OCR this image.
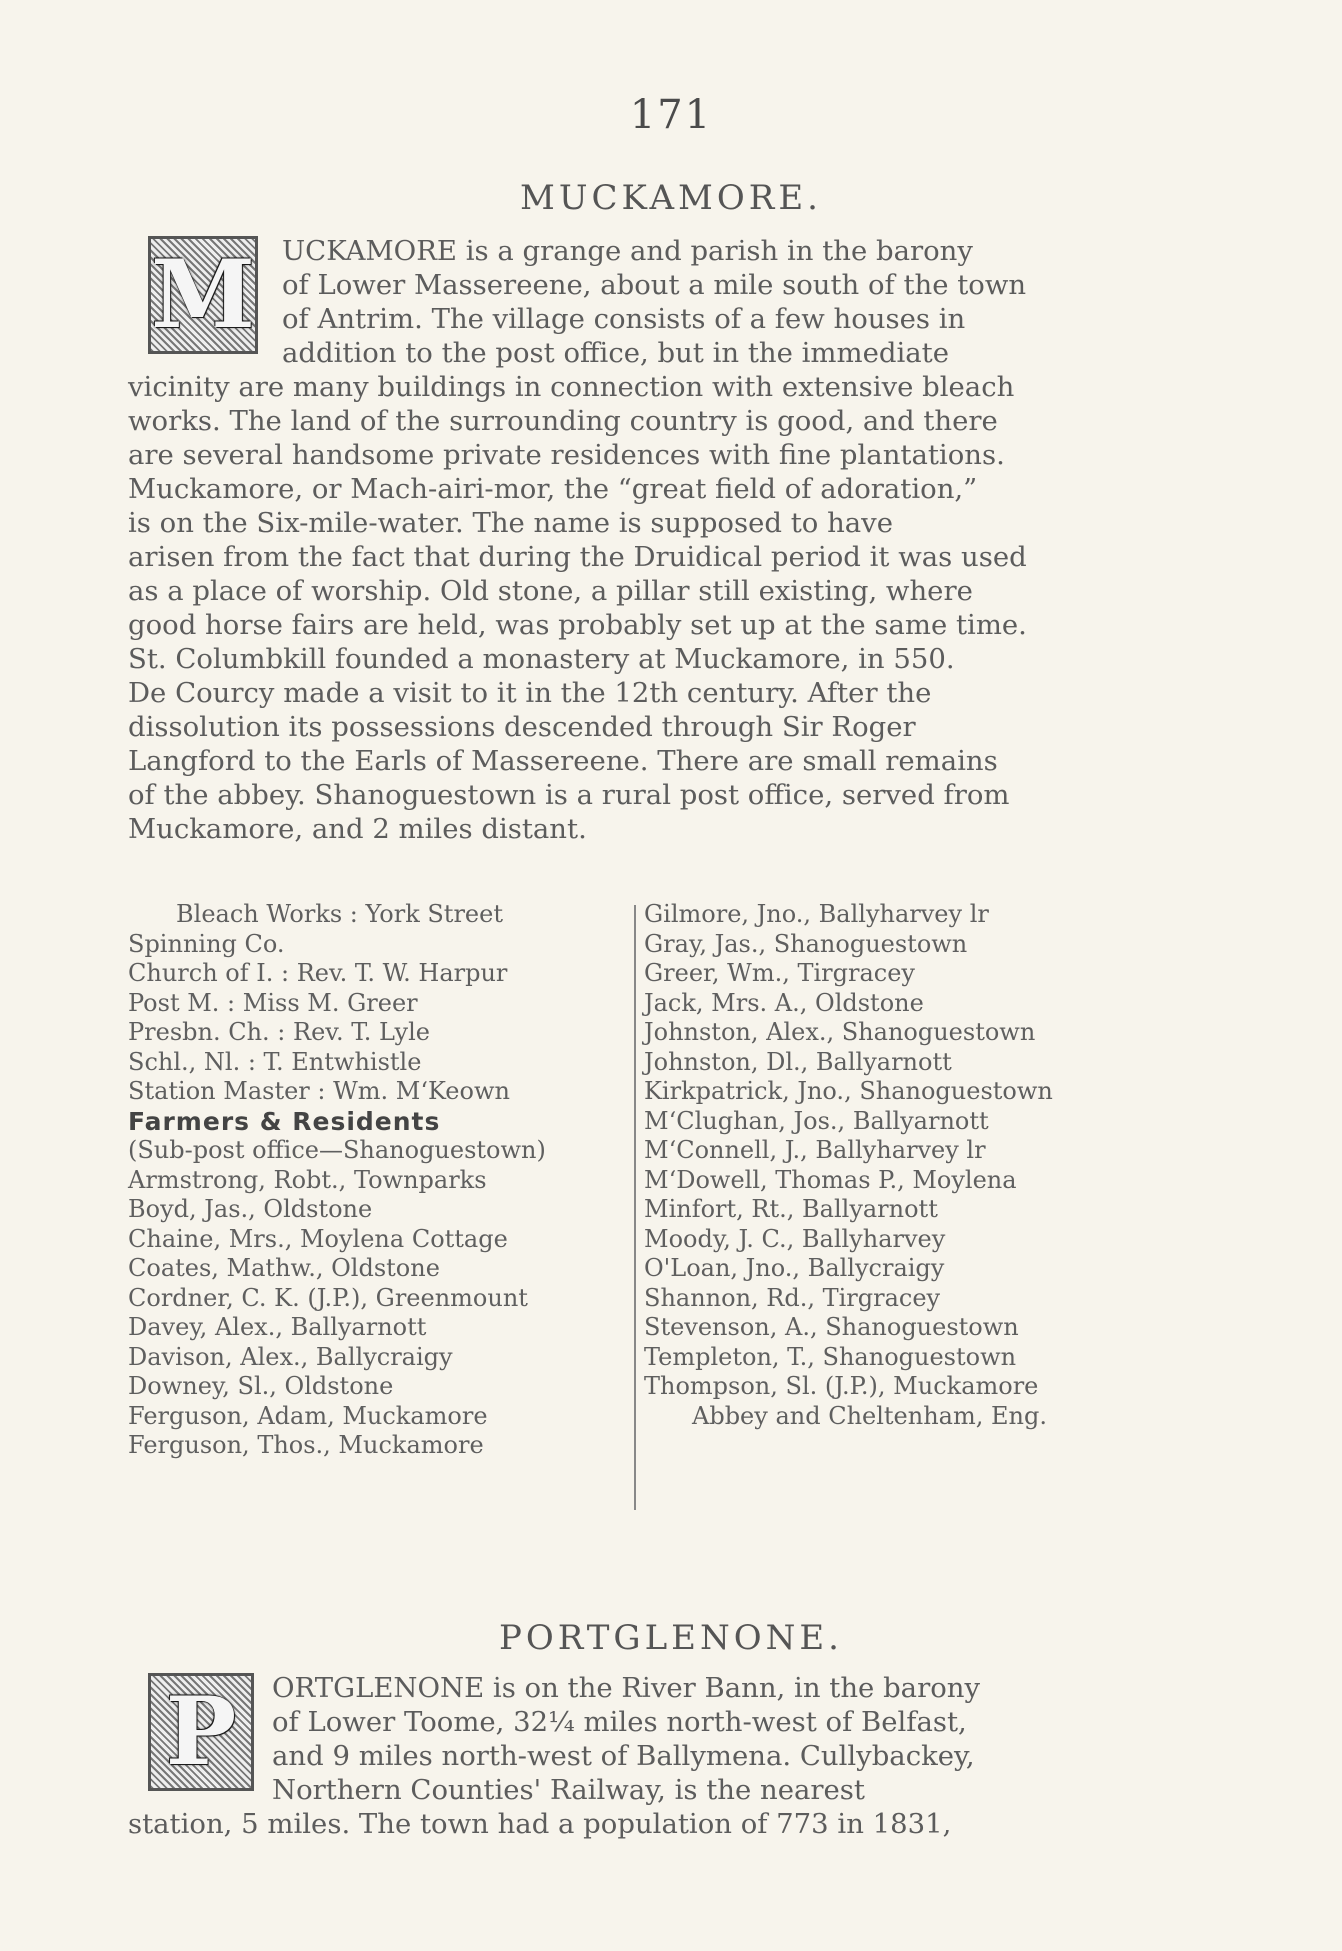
171
MUCKAMORE.
M UCKAMORE is a grange and parish in the barony
of Lower Massereene, about a mile south of the town
of Antrim. The village consists of a few houses in
addition to the post office, but in the immediate
vicinity are many buildings in connection with extensive bleach
works. The land of the surrounding country is good, and there
are several handsome private residences with fine plantations.
Muckamore, or Mach-airi-mor, the “great field of adoration,”
is on the Six-mile-water. The name is supposed to have
arisen from the fact that during the Druidical period it was used
as a place of worship. Old stone, a pillar still existing, where
good horse fairs are held, was probably set up at the same time.
St. Columbkill founded a monastery at Muckamore, in 550.
De Courcy made a visit to it in the 12th century. After the
dissolution its possessions descended through Sir Roger
Langford to the Earls of Massereene. There are small remains
of the abbey. Shanoguestown is a rural post office, served from
Muckamore, and 2 miles distant.
Bleach Works : York Street
Spinning Co.
Church of I. : Rev. T. W. Harpur
Post M. : Miss M. Greer
Presbn. Ch. : Rev. T. Lyle
Schl., Nl. : T. Entwhistle
Station Master : Wm. M‘Keown
Farmers & Residents
(Sub-post office—Shanoguestown)
Armstrong, Robt., Townparks
Boyd, Jas., Oldstone
Chaine, Mrs., Moylena Cottage
Coates, Mathw., Oldstone
Cordner, C. K. (J.P.), Greenmount
Davey, Alex., Ballyarnott
Davison, Alex., Ballycraigy
Downey, Sl., Oldstone
Ferguson, Adam, Muckamore
Ferguson, Thos., Muckamore
Gilmore, Jno., Ballyharvey lr
Gray, Jas., Shanoguestown
Greer, Wm., Tirgracey
Jack, Mrs. A., Oldstone
Johnston, Alex., Shanoguestown
Johnston, Dl., Ballyarnott
Kirkpatrick, Jno., Shanoguestown
M‘Clughan, Jos., Ballyarnott
M‘Connell, J., Ballyharvey lr
M‘Dowell, Thomas P., Moylena
Minfort, Rt., Ballyarnott
Moody, J. C., Ballyharvey
O'Loan, Jno., Ballycraigy
Shannon, Rd., Tirgracey
Stevenson, A., Shanoguestown
Templeton, T., Shanoguestown
Thompson, Sl. (J.P.), Muckamore
Abbey and Cheltenham, Eng.
PORTGLENONE.
P ORTGLENONE is on the River Bann, in the barony
of Lower Toome, 32¼ miles north-west of Belfast,
and 9 miles north-west of Ballymena. Cullybackey,
Northern Counties' Railway, is the nearest
station, 5 miles. The town had a population of 773 in 1831,
